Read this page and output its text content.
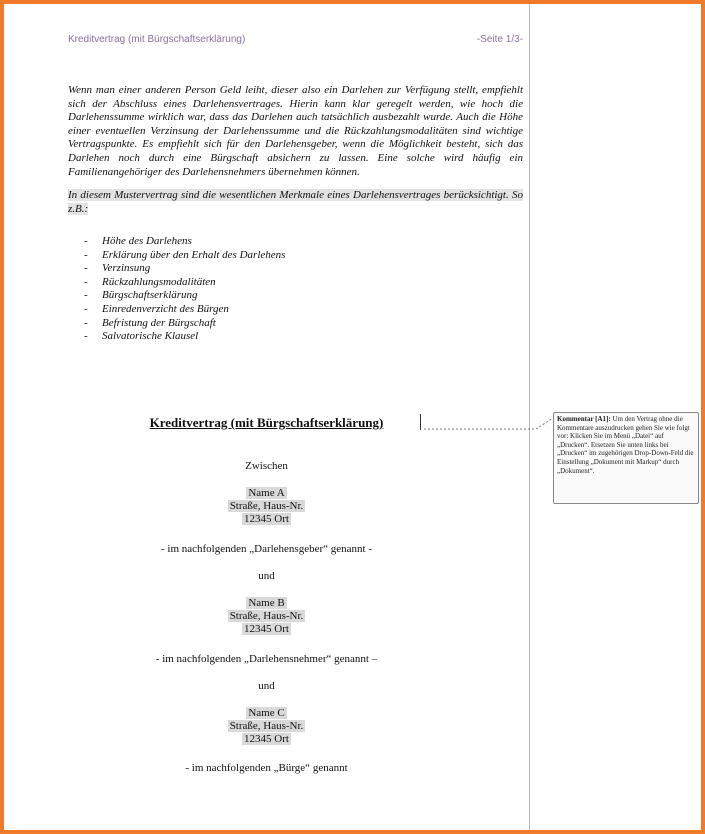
Kreditvertrag (mit Bürgschaftserklärung)	-Seite 1/3-

Wenn man einer anderen Person Geld leiht, dieser also ein Darlehen zur Verfügung stellt, empfiehlt sich der Abschluss eines Darlehensvertrages. Hierin kann klar geregelt werden, wie hoch die Darlehenssumme wirklich war, dass das Darlehen auch tatsächlich ausbezahlt wurde. Auch die Höhe einer eventuellen Verzinsung der Darlehenssumme und die Rückzahlungsmodalitäten sind wichtige Vertragspunkte. Es empfiehlt sich für den Darlehensgeber, wenn die Möglichkeit besteht, sich das Darlehen noch durch eine Bürgschaft absichern zu lassen. Eine solche wird häufig ein Familienangehöriger des Darlehensnehmers übernehmen können.

In diesem Mustervertrag sind die wesentlichen Merkmale eines Darlehensvertrages berücksichtigt. So z.B.:

- Höhe des Darlehens
- Erklärung über den Erhalt des Darlehens
- Verzinsung
- Rückzahlungsmodalitäten
- Bürgschaftserklärung
- Einredenverzicht des Bürgen
- Befristung der Bürgschaft
- Salvatorische Klausel
Kreditvertrag (mit Bürgschaftserklärung)
Zwischen
Name A
Straße, Haus-Nr.
12345 Ort
- im nachfolgenden „Darlehensgeber“ genannt -
und
Name B
Straße, Haus-Nr.
12345 Ort
- im nachfolgenden „Darlehensnehmer“ genannt –
und
Name C
Straße, Haus-Nr.
12345 Ort
- im nachfolgenden „Bürge“ genannt
Kommentar [A1]: Um den Vertrag ohne die Kommentare auszudrucken gehen Sie wie folgt vor: Klicken Sie im Menü „Datei“ auf „Drucken“. Ersetzen Sie unten links bei „Drucken“ im zugehörigen Drop-Down-Feld die Einstellung „Dokument mit Markup“ durch „Dokument“.
